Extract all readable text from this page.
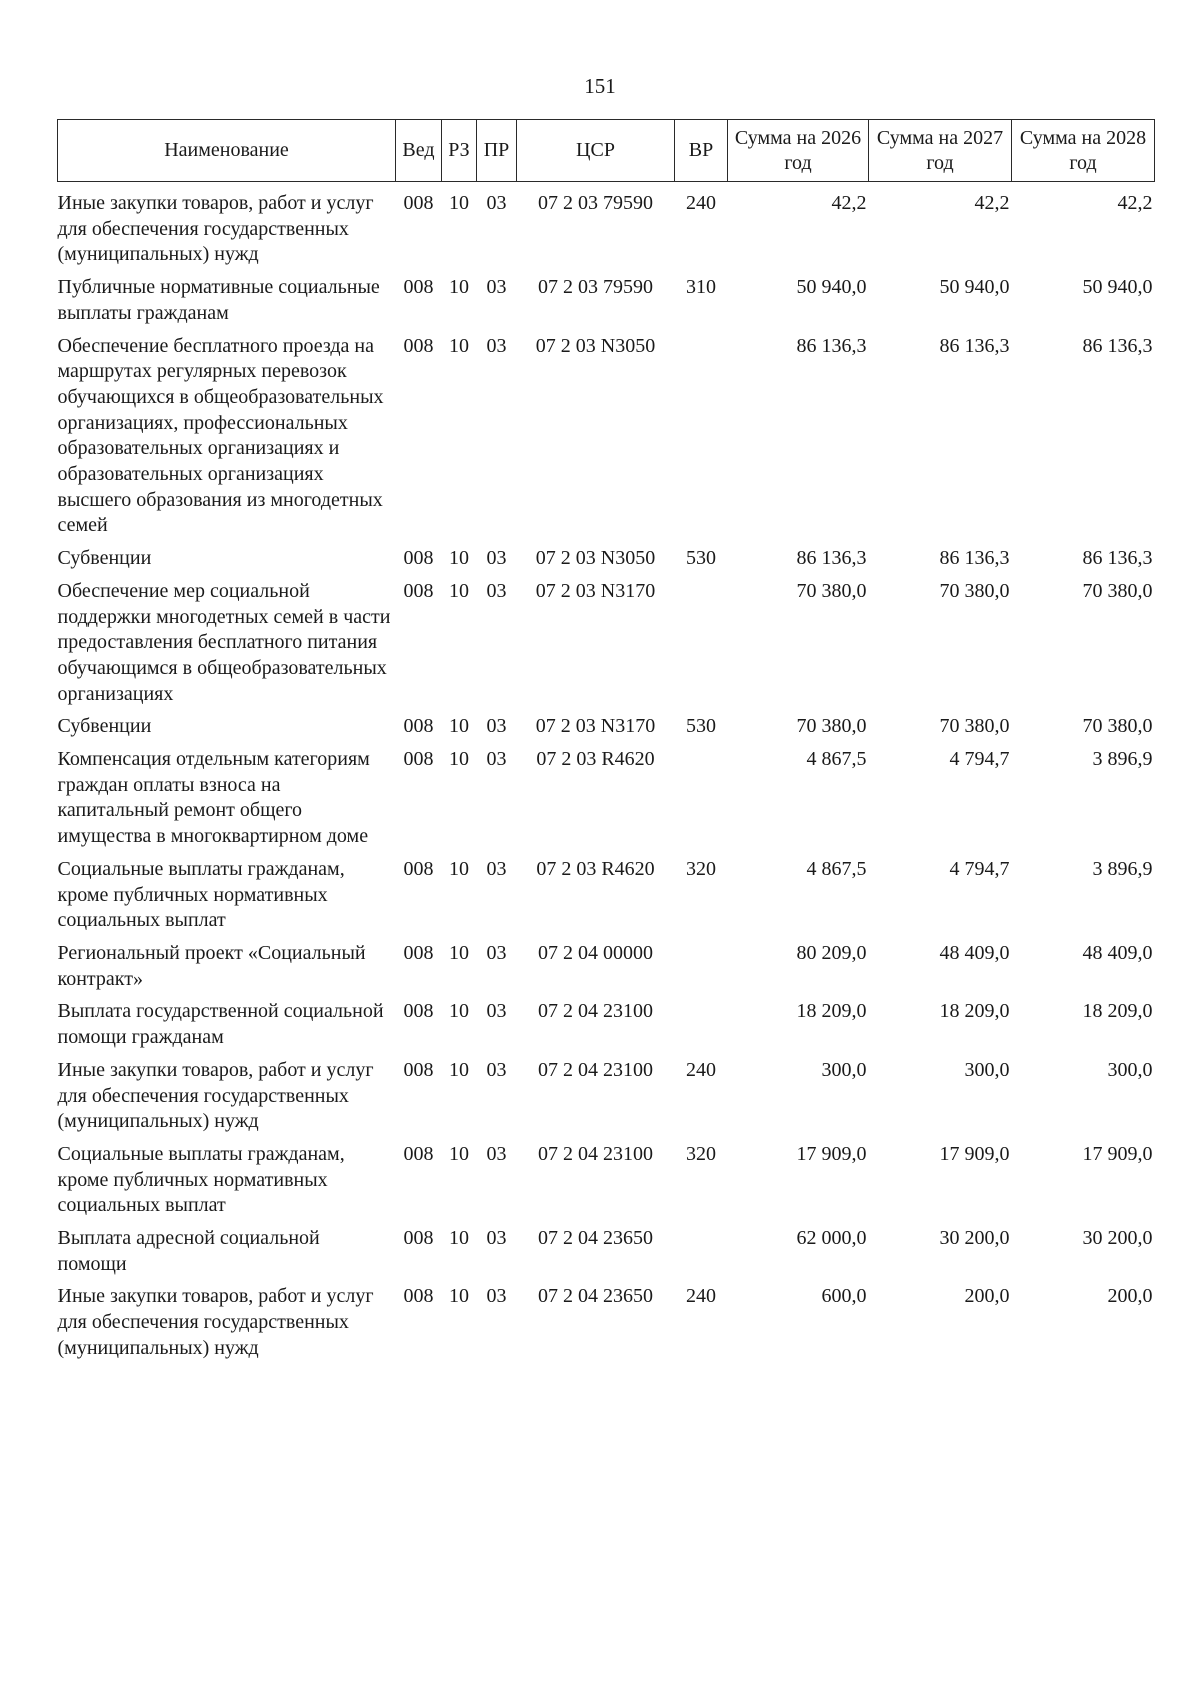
151
Наименование	Вед	РЗ	ПР	ЦСР	ВР	Сумма на 2026 год	Сумма на 2027 год	Сумма на 2028 год
Иные закупки товаров, работ и услуг для обеспечения государственных (муниципальных) нужд	008	10	03	07 2 03 79590	240	42,2	42,2	42,2
Публичные нормативные социальные выплаты гражданам	008	10	03	07 2 03 79590	310	50 940,0	50 940,0	50 940,0
Обеспечение бесплатного проезда на маршрутах регулярных перевозок обучающихся в общеобразовательных организациях, профессиональных образовательных организациях и образовательных организациях высшего образования из многодетных семей	008	10	03	07 2 03 N3050		86 136,3	86 136,3	86 136,3
Субвенции	008	10	03	07 2 03 N3050	530	86 136,3	86 136,3	86 136,3
Обеспечение мер социальной поддержки многодетных семей в части предоставления бесплатного питания обучающимся в общеобразовательных организациях	008	10	03	07 2 03 N3170		70 380,0	70 380,0	70 380,0
Субвенции	008	10	03	07 2 03 N3170	530	70 380,0	70 380,0	70 380,0
Компенсация отдельным категориям граждан оплаты взноса на капитальный ремонт общего имущества в многоквартирном доме	008	10	03	07 2 03 R4620		4 867,5	4 794,7	3 896,9
Социальные выплаты гражданам, кроме публичных нормативных социальных выплат	008	10	03	07 2 03 R4620	320	4 867,5	4 794,7	3 896,9
Региональный проект «Социальный контракт»	008	10	03	07 2 04 00000		80 209,0	48 409,0	48 409,0
Выплата государственной социальной помощи гражданам	008	10	03	07 2 04 23100		18 209,0	18 209,0	18 209,0
Иные закупки товаров, работ и услуг для обеспечения государственных (муниципальных) нужд	008	10	03	07 2 04 23100	240	300,0	300,0	300,0
Социальные выплаты гражданам, кроме публичных нормативных социальных выплат	008	10	03	07 2 04 23100	320	17 909,0	17 909,0	17 909,0
Выплата адресной социальной помощи	008	10	03	07 2 04 23650		62 000,0	30 200,0	30 200,0
Иные закупки товаров, работ и услуг для обеспечения государственных (муниципальных) нужд	008	10	03	07 2 04 23650	240	600,0	200,0	200,0
